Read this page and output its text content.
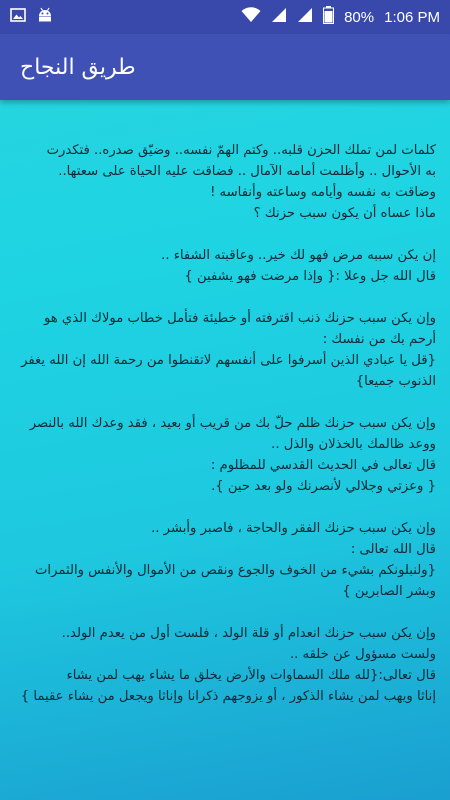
80% 1:06 PM
طريق النجاح

كلمات لمن تملك الحزن قلبه.. وكتم الهمّ نفسه.. وضيّق صدره.. فتكدرت

به الأحوال .. وأظلمت أمامه الآمال .. فضاقت عليه الحياة على سعتها..

وضاقت به نفسه وأيامه وساعته وأنفاسه !

ماذا عساه أن يكون سبب حزنك ؟

إن يكن سببه مرض فهو لك خير.. وعاقبته الشفاء ..

قال الله جل وعلا :{ وإذا مرضت فهو يشفين }

وإن يكن سبب حزنك ذنب اقترفته أو خطيئة فتأمل خطاب مولاك الذي هو أرحم بك من نفسك :

{قل يا عبادي الذين أسرفوا على أنفسهم لاتقنطوا من رحمة الله إن الله يغفر الذنوب جميعا}

وإن يكن سبب حزنك ظلم حلّ بك من قريب أو بعيد ، فقد وعدك الله بالنصر ووعد ظالمك بالخذلان والذل ..

قال تعالى في الحديث القدسي للمظلوم :

{ وعزتي وجلالي لأنصرنك ولو بعد حين }.

وإن يكن سبب حزنك الفقر والحاجة ، فاصبر وأبشر ..

قال الله تعالى :

{ولنبلونكم بشيء من الخوف والجوع ونقص من الأموال والأنفس والثمرات وبشر الصابرين }

وإن يكن سبب حزنك انعدام أو قلة الولد ، فلست أول من يعدم الولد..

ولست مسؤول عن خلقه ..

قال تعالى:{لله ملك السماوات والأرض يخلق ما يشاء يهب لمن يشاء

إناثا ويهب لمن يشاء الذكور ، أو يزوجهم ذكرانا وإناثا ويجعل من يشاء عقيما }
